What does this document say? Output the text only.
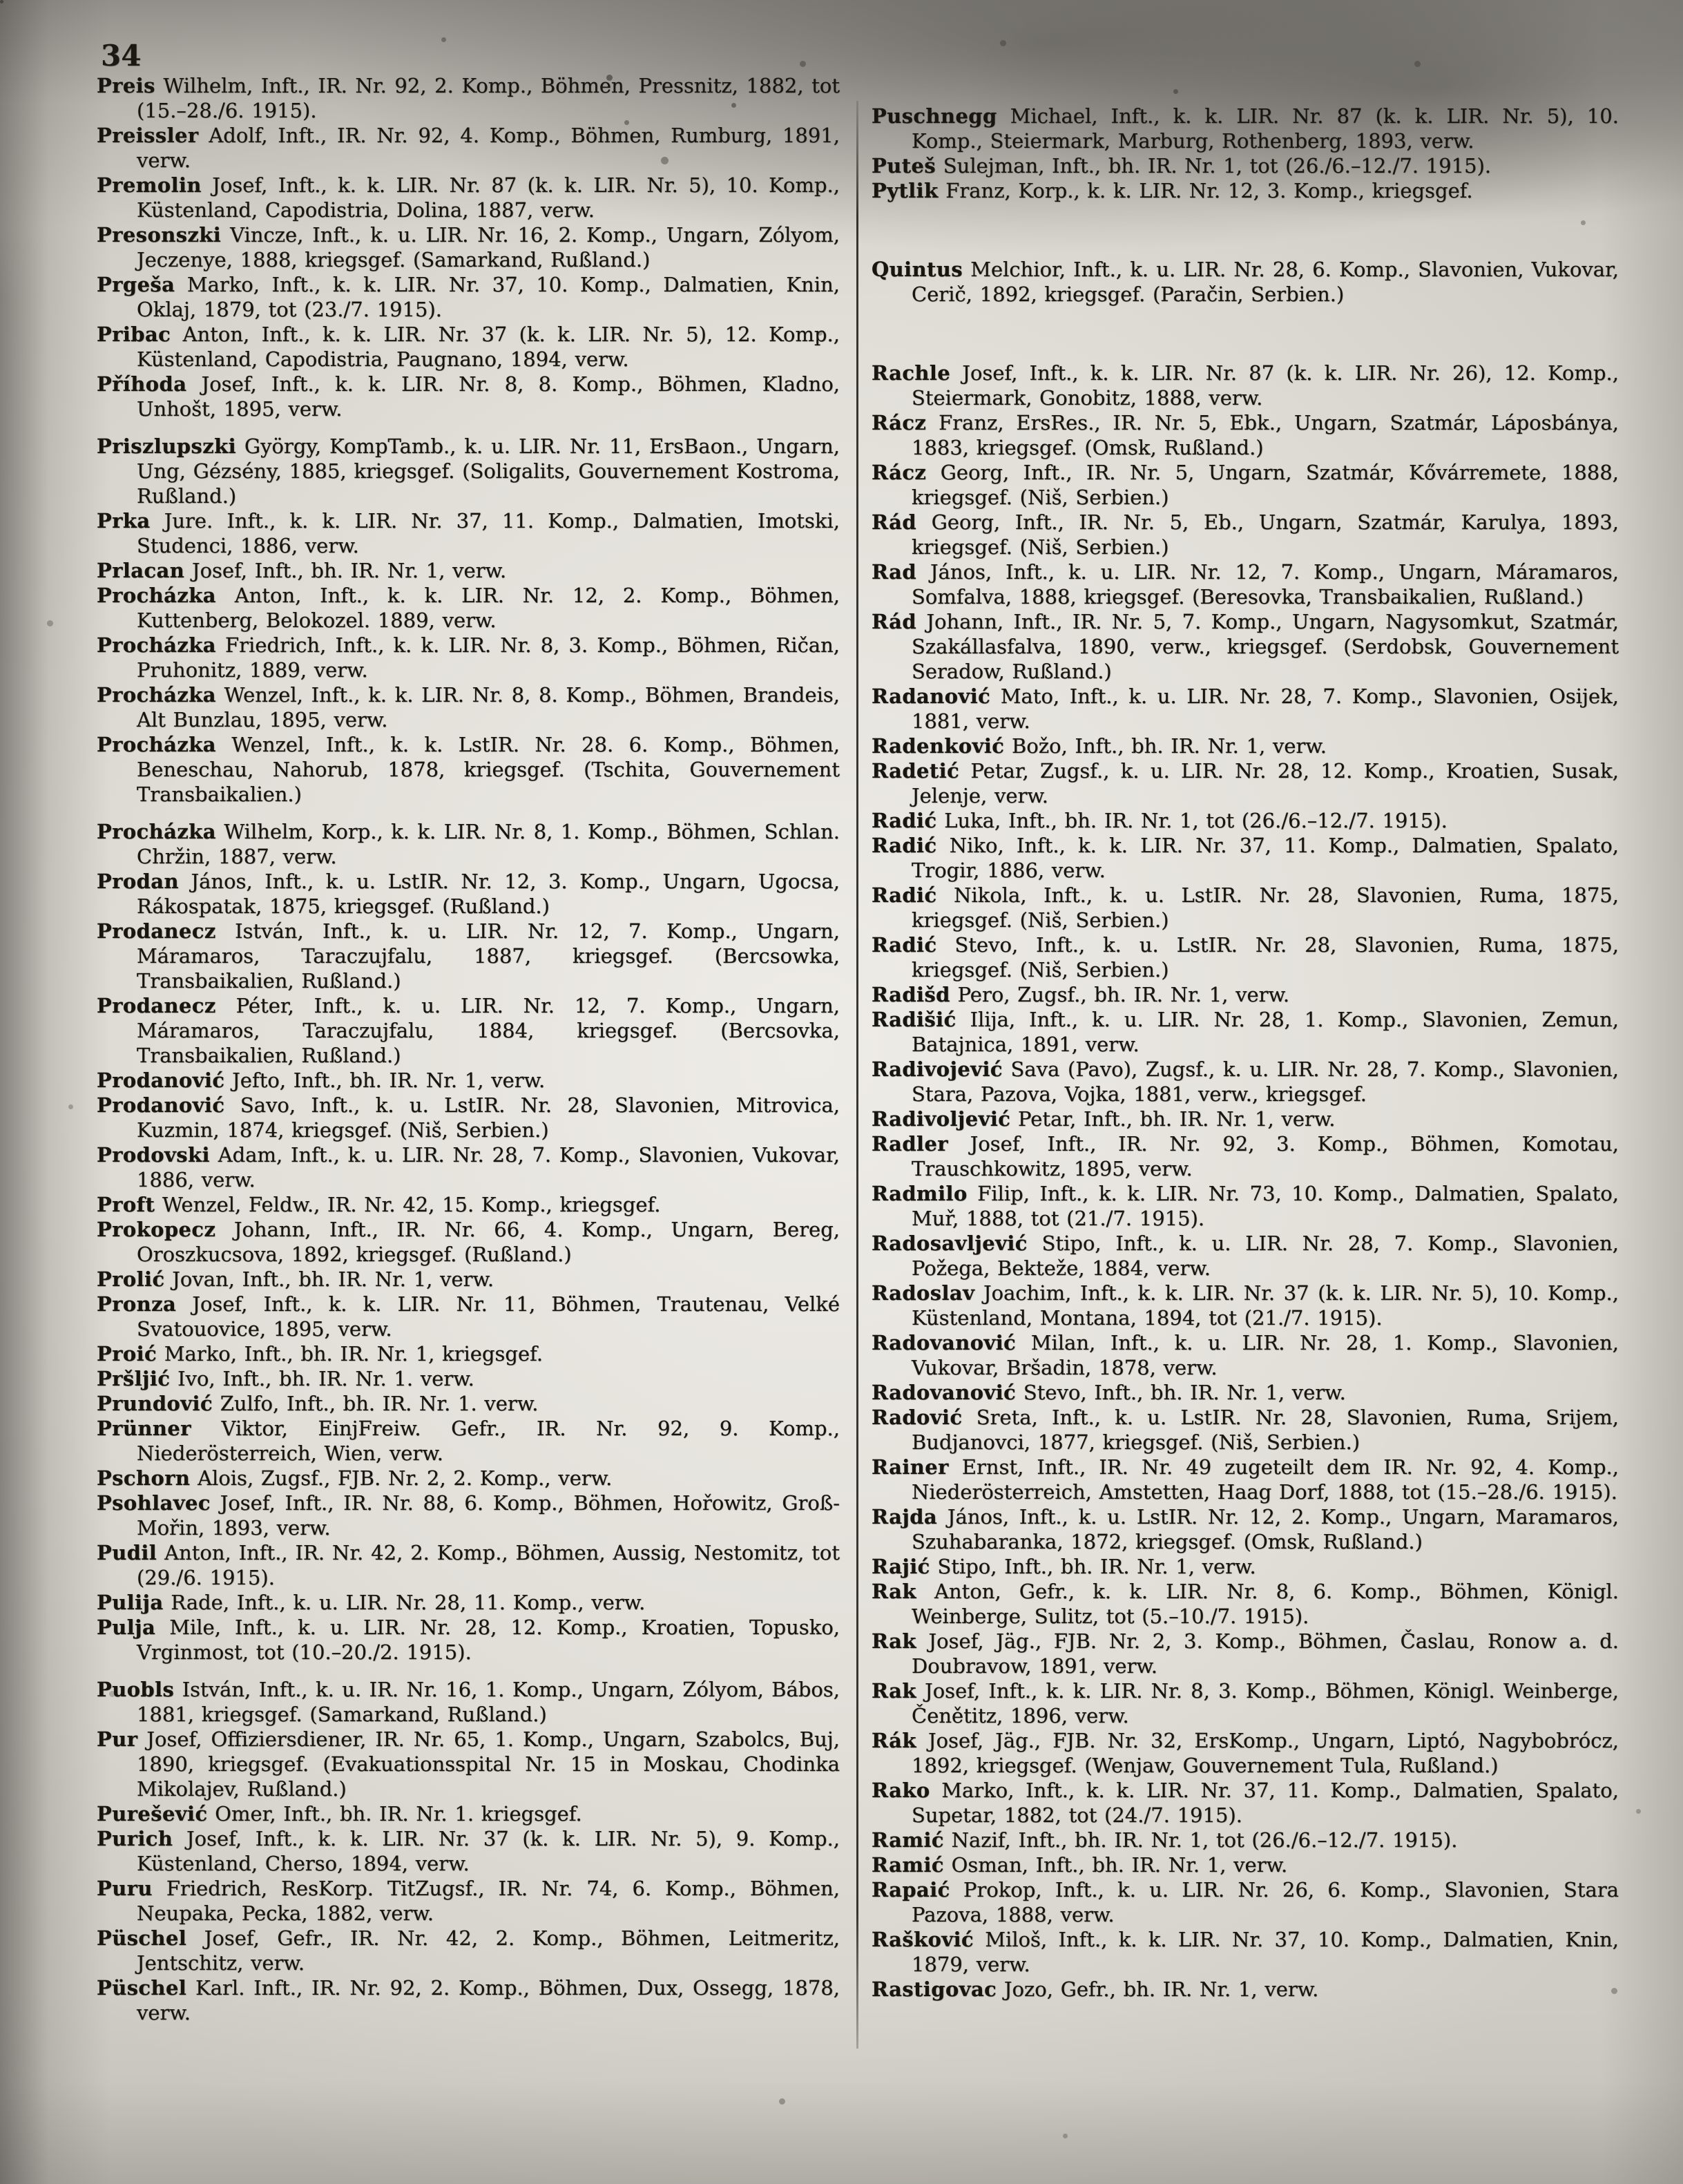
34

Preis Wilhelm, Inft., IR. Nr. 92, 2. Komp., Böhmen, Pressnitz, 1882, tot (15.–28./6. 1915).

Preissler Adolf, Inft., IR. Nr. 92, 4. Komp., Böhmen, Rumburg, 1891, verw.

Premolin Josef, Inft., k. k. LIR. Nr. 87 (k. k. LIR. Nr. 5), 10. Komp., Küstenland, Capodistria, Dolina, 1887, verw.

Presonszki Vincze, Inft., k. u. LIR. Nr. 16, 2. Komp., Ungarn, Zólyom, Jeczenye, 1888, kriegsgef. (Samarkand, Rußland.)

Prgeša Marko, Inft., k. k. LIR. Nr. 37, 10. Komp., Dalmatien, Knin, Oklaj, 1879, tot (23./7. 1915).

Pribac Anton, Inft., k. k. LIR. Nr. 37 (k. k. LIR. Nr. 5), 12. Komp., Küstenland, Capodistria, Paugnano, 1894, verw.

Příhoda Josef, Inft., k. k. LIR. Nr. 8, 8. Komp., Böhmen, Kladno, Unhošt, 1895, verw.

Priszlupszki György, KompTamb., k. u. LIR. Nr. 11, ErsBaon., Ungarn, Ung, Gézsény, 1885, kriegsgef. (Soligalits, Gouvernement Kostroma, Rußland.)

Prka Jure. Inft., k. k. LIR. Nr. 37, 11. Komp., Dalmatien, Imotski, Studenci, 1886, verw.

Prlacan Josef, Inft., bh. IR. Nr. 1, verw.

Procházka Anton, Inft., k. k. LIR. Nr. 12, 2. Komp., Böhmen, Kuttenberg, Belokozel. 1889, verw.

Procházka Friedrich, Inft., k. k. LIR. Nr. 8, 3. Komp., Böhmen, Ričan, Pruhonitz, 1889, verw.

Procházka Wenzel, Inft., k. k. LIR. Nr. 8, 8. Komp., Böhmen, Brandeis, Alt Bunzlau, 1895, verw.

Procházka Wenzel, Inft., k. k. LstIR. Nr. 28. 6. Komp., Böhmen, Beneschau, Nahorub, 1878, kriegsgef. (Tschita, Gouvernement Transbaikalien.)

Procházka Wilhelm, Korp., k. k. LIR. Nr. 8, 1. Komp., Böhmen, Schlan. Chržin, 1887, verw.

Prodan János, Inft., k. u. LstIR. Nr. 12, 3. Komp., Ungarn, Ugocsa, Rákospatak, 1875, kriegsgef. (Rußland.)

Prodanecz István, Inft., k. u. LIR. Nr. 12, 7. Komp., Ungarn, Máramaros, Taraczujfalu, 1887, kriegsgef. (Bercsowka, Transbaikalien, Rußland.)

Prodanecz Péter, Inft., k. u. LIR. Nr. 12, 7. Komp., Ungarn, Máramaros, Taraczujfalu, 1884, kriegsgef. (Bercsovka, Transbaikalien, Rußland.)

Prodanović Jefto, Inft., bh. IR. Nr. 1, verw.

Prodanović Savo, Inft., k. u. LstIR. Nr. 28, Slavonien, Mitrovica, Kuzmin, 1874, kriegsgef. (Niš, Serbien.)

Prodovski Adam, Inft., k. u. LIR. Nr. 28, 7. Komp., Slavonien, Vukovar, 1886, verw.

Proft Wenzel, Feldw., IR. Nr. 42, 15. Komp., kriegsgef.

Prokopecz Johann, Inft., IR. Nr. 66, 4. Komp., Ungarn, Bereg, Oroszkucsova, 1892, kriegsgef. (Rußland.)

Prolić Jovan, Inft., bh. IR. Nr. 1, verw.

Pronza Josef, Inft., k. k. LIR. Nr. 11, Böhmen, Trautenau, Velké Svatouovice, 1895, verw.

Proić Marko, Inft., bh. IR. Nr. 1, kriegsgef.

Pršljić Ivo, Inft., bh. IR. Nr. 1. verw.

Prundović Zulfo, Inft., bh. IR. Nr. 1. verw.

Prünner Viktor, EinjFreiw. Gefr., IR. Nr. 92, 9. Komp., Niederösterreich, Wien, verw.

Pschorn Alois, Zugsf., FJB. Nr. 2, 2. Komp., verw.

Psohlavec Josef, Inft., IR. Nr. 88, 6. Komp., Böhmen, Hořowitz, Groß-Mořin, 1893, verw.

Pudil Anton, Inft., IR. Nr. 42, 2. Komp., Böhmen, Aussig, Nestomitz, tot (29./6. 1915).

Pulija Rade, Inft., k. u. LIR. Nr. 28, 11. Komp., verw.

Pulja Mile, Inft., k. u. LIR. Nr. 28, 12. Komp., Kroatien, Topusko, Vrginmost, tot (10.–20./2. 1915).

Puobls István, Inft., k. u. IR. Nr. 16, 1. Komp., Ungarn, Zólyom, Bábos, 1881, kriegsgef. (Samarkand, Rußland.)

Pur Josef, Offiziersdiener, IR. Nr. 65, 1. Komp., Ungarn, Szabolcs, Buj, 1890, kriegsgef. (Evakuationsspital Nr. 15 in Moskau, Chodinka Mikolajev, Rußland.)

Purešević Omer, Inft., bh. IR. Nr. 1. kriegsgef.

Purich Josef, Inft., k. k. LIR. Nr. 37 (k. k. LIR. Nr. 5), 9. Komp., Küstenland, Cherso, 1894, verw.

Puru Friedrich, ResKorp. TitZugsf., IR. Nr. 74, 6. Komp., Böhmen, Neupaka, Pecka, 1882, verw.

Püschel Josef, Gefr., IR. Nr. 42, 2. Komp., Böhmen, Leitmeritz, Jentschitz, verw.

Püschel Karl. Inft., IR. Nr. 92, 2. Komp., Böhmen, Dux, Ossegg, 1878, verw.

Puschnegg Michael, Inft., k. k. LIR. Nr. 87 (k. k. LIR. Nr. 5), 10. Komp., Steiermark, Marburg, Rothenberg, 1893, verw.

Puteš Sulejman, Inft., bh. IR. Nr. 1, tot (26./6.–12./7. 1915).

Pytlik Franz, Korp., k. k. LIR. Nr. 12, 3. Komp., kriegsgef.

Quintus Melchior, Inft., k. u. LIR. Nr. 28, 6. Komp., Slavonien, Vukovar, Cerič, 1892, kriegsgef. (Paračin, Serbien.)

Rachle Josef, Inft., k. k. LIR. Nr. 87 (k. k. LIR. Nr. 26), 12. Komp., Steiermark, Gonobitz, 1888, verw.

Rácz Franz, ErsRes., IR. Nr. 5, Ebk., Ungarn, Szatmár, Láposbánya, 1883, kriegsgef. (Omsk, Rußland.)

Rácz Georg, Inft., IR. Nr. 5, Ungarn, Szatmár, Kővárremete, 1888, kriegsgef. (Niš, Serbien.)

Rád Georg, Inft., IR. Nr. 5, Eb., Ungarn, Szatmár, Karulya, 1893, kriegsgef. (Niš, Serbien.)

Rad János, Inft., k. u. LIR. Nr. 12, 7. Komp., Ungarn, Máramaros, Somfalva, 1888, kriegsgef. (Beresovka, Transbaikalien, Rußland.)

Rád Johann, Inft., IR. Nr. 5, 7. Komp., Ungarn, Nagysomkut, Szatmár, Szakállasfalva, 1890, verw., kriegsgef. (Serdobsk, Gouvernement Seradow, Rußland.)

Radanović Mato, Inft., k. u. LIR. Nr. 28, 7. Komp., Slavonien, Osijek, 1881, verw.

Radenković Božo, Inft., bh. IR. Nr. 1, verw.

Radetić Petar, Zugsf., k. u. LIR. Nr. 28, 12. Komp., Kroatien, Susak, Jelenje, verw.

Radić Luka, Inft., bh. IR. Nr. 1, tot (26./6.–12./7. 1915).

Radić Niko, Inft., k. k. LIR. Nr. 37, 11. Komp., Dalmatien, Spalato, Trogir, 1886, verw.

Radić Nikola, Inft., k. u. LstIR. Nr. 28, Slavonien, Ruma, 1875, kriegsgef. (Niš, Serbien.)

Radić Stevo, Inft., k. u. LstIR. Nr. 28, Slavonien, Ruma, 1875, kriegsgef. (Niš, Serbien.)

Radišd Pero, Zugsf., bh. IR. Nr. 1, verw.

Radišić Ilija, Inft., k. u. LIR. Nr. 28, 1. Komp., Slavonien, Zemun, Batajnica, 1891, verw.

Radivojević Sava (Pavo), Zugsf., k. u. LIR. Nr. 28, 7. Komp., Slavonien, Stara, Pazova, Vojka, 1881, verw., kriegsgef.

Radivoljević Petar, Inft., bh. IR. Nr. 1, verw.

Radler Josef, Inft., IR. Nr. 92, 3. Komp., Böhmen, Komotau, Trauschkowitz, 1895, verw.

Radmilo Filip, Inft., k. k. LIR. Nr. 73, 10. Komp., Dalmatien, Spalato, Muř, 1888, tot (21./7. 1915).

Radosavljević Stipo, Inft., k. u. LIR. Nr. 28, 7. Komp., Slavonien, Požega, Bekteže, 1884, verw.

Radoslav Joachim, Inft., k. k. LIR. Nr. 37 (k. k. LIR. Nr. 5), 10. Komp., Küstenland, Montana, 1894, tot (21./7. 1915).

Radovanović Milan, Inft., k. u. LIR. Nr. 28, 1. Komp., Slavonien, Vukovar, Bršadin, 1878, verw.

Radovanović Stevo, Inft., bh. IR. Nr. 1, verw.

Radović Sreta, Inft., k. u. LstIR. Nr. 28, Slavonien, Ruma, Srijem, Budjanovci, 1877, kriegsgef. (Niš, Serbien.)

Rainer Ernst, Inft., IR. Nr. 49 zugeteilt dem IR. Nr. 92, 4. Komp., Niederösterreich, Amstetten, Haag Dorf, 1888, tot (15.–28./6. 1915).

Rajda János, Inft., k. u. LstIR. Nr. 12, 2. Komp., Ungarn, Maramaros, Szuhabaranka, 1872, kriegsgef. (Omsk, Rußland.)

Rajić Stipo, Inft., bh. IR. Nr. 1, verw.

Rak Anton, Gefr., k. k. LIR. Nr. 8, 6. Komp., Böhmen, Königl. Weinberge, Sulitz, tot (5.–10./7. 1915).

Rak Josef, Jäg., FJB. Nr. 2, 3. Komp., Böhmen, Časlau, Ronow a. d. Doubravow, 1891, verw.

Rak Josef, Inft., k. k. LIR. Nr. 8, 3. Komp., Böhmen, Königl. Weinberge, Čenětitz, 1896, verw.

Rák Josef, Jäg., FJB. Nr. 32, ErsKomp., Ungarn, Liptó, Nagybobrócz, 1892, kriegsgef. (Wenjaw, Gouvernement Tula, Rußland.)

Rako Marko, Inft., k. k. LIR. Nr. 37, 11. Komp., Dalmatien, Spalato, Supetar, 1882, tot (24./7. 1915).

Ramić Nazif, Inft., bh. IR. Nr. 1, tot (26./6.–12./7. 1915).

Ramić Osman, Inft., bh. IR. Nr. 1, verw.

Rapaić Prokop, Inft., k. u. LIR. Nr. 26, 6. Komp., Slavonien, Stara Pazova, 1888, verw.

Rašković Miloš, Inft., k. k. LIR. Nr. 37, 10. Komp., Dalmatien, Knin, 1879, verw.

Rastigovac Jozo, Gefr., bh. IR. Nr. 1, verw.
